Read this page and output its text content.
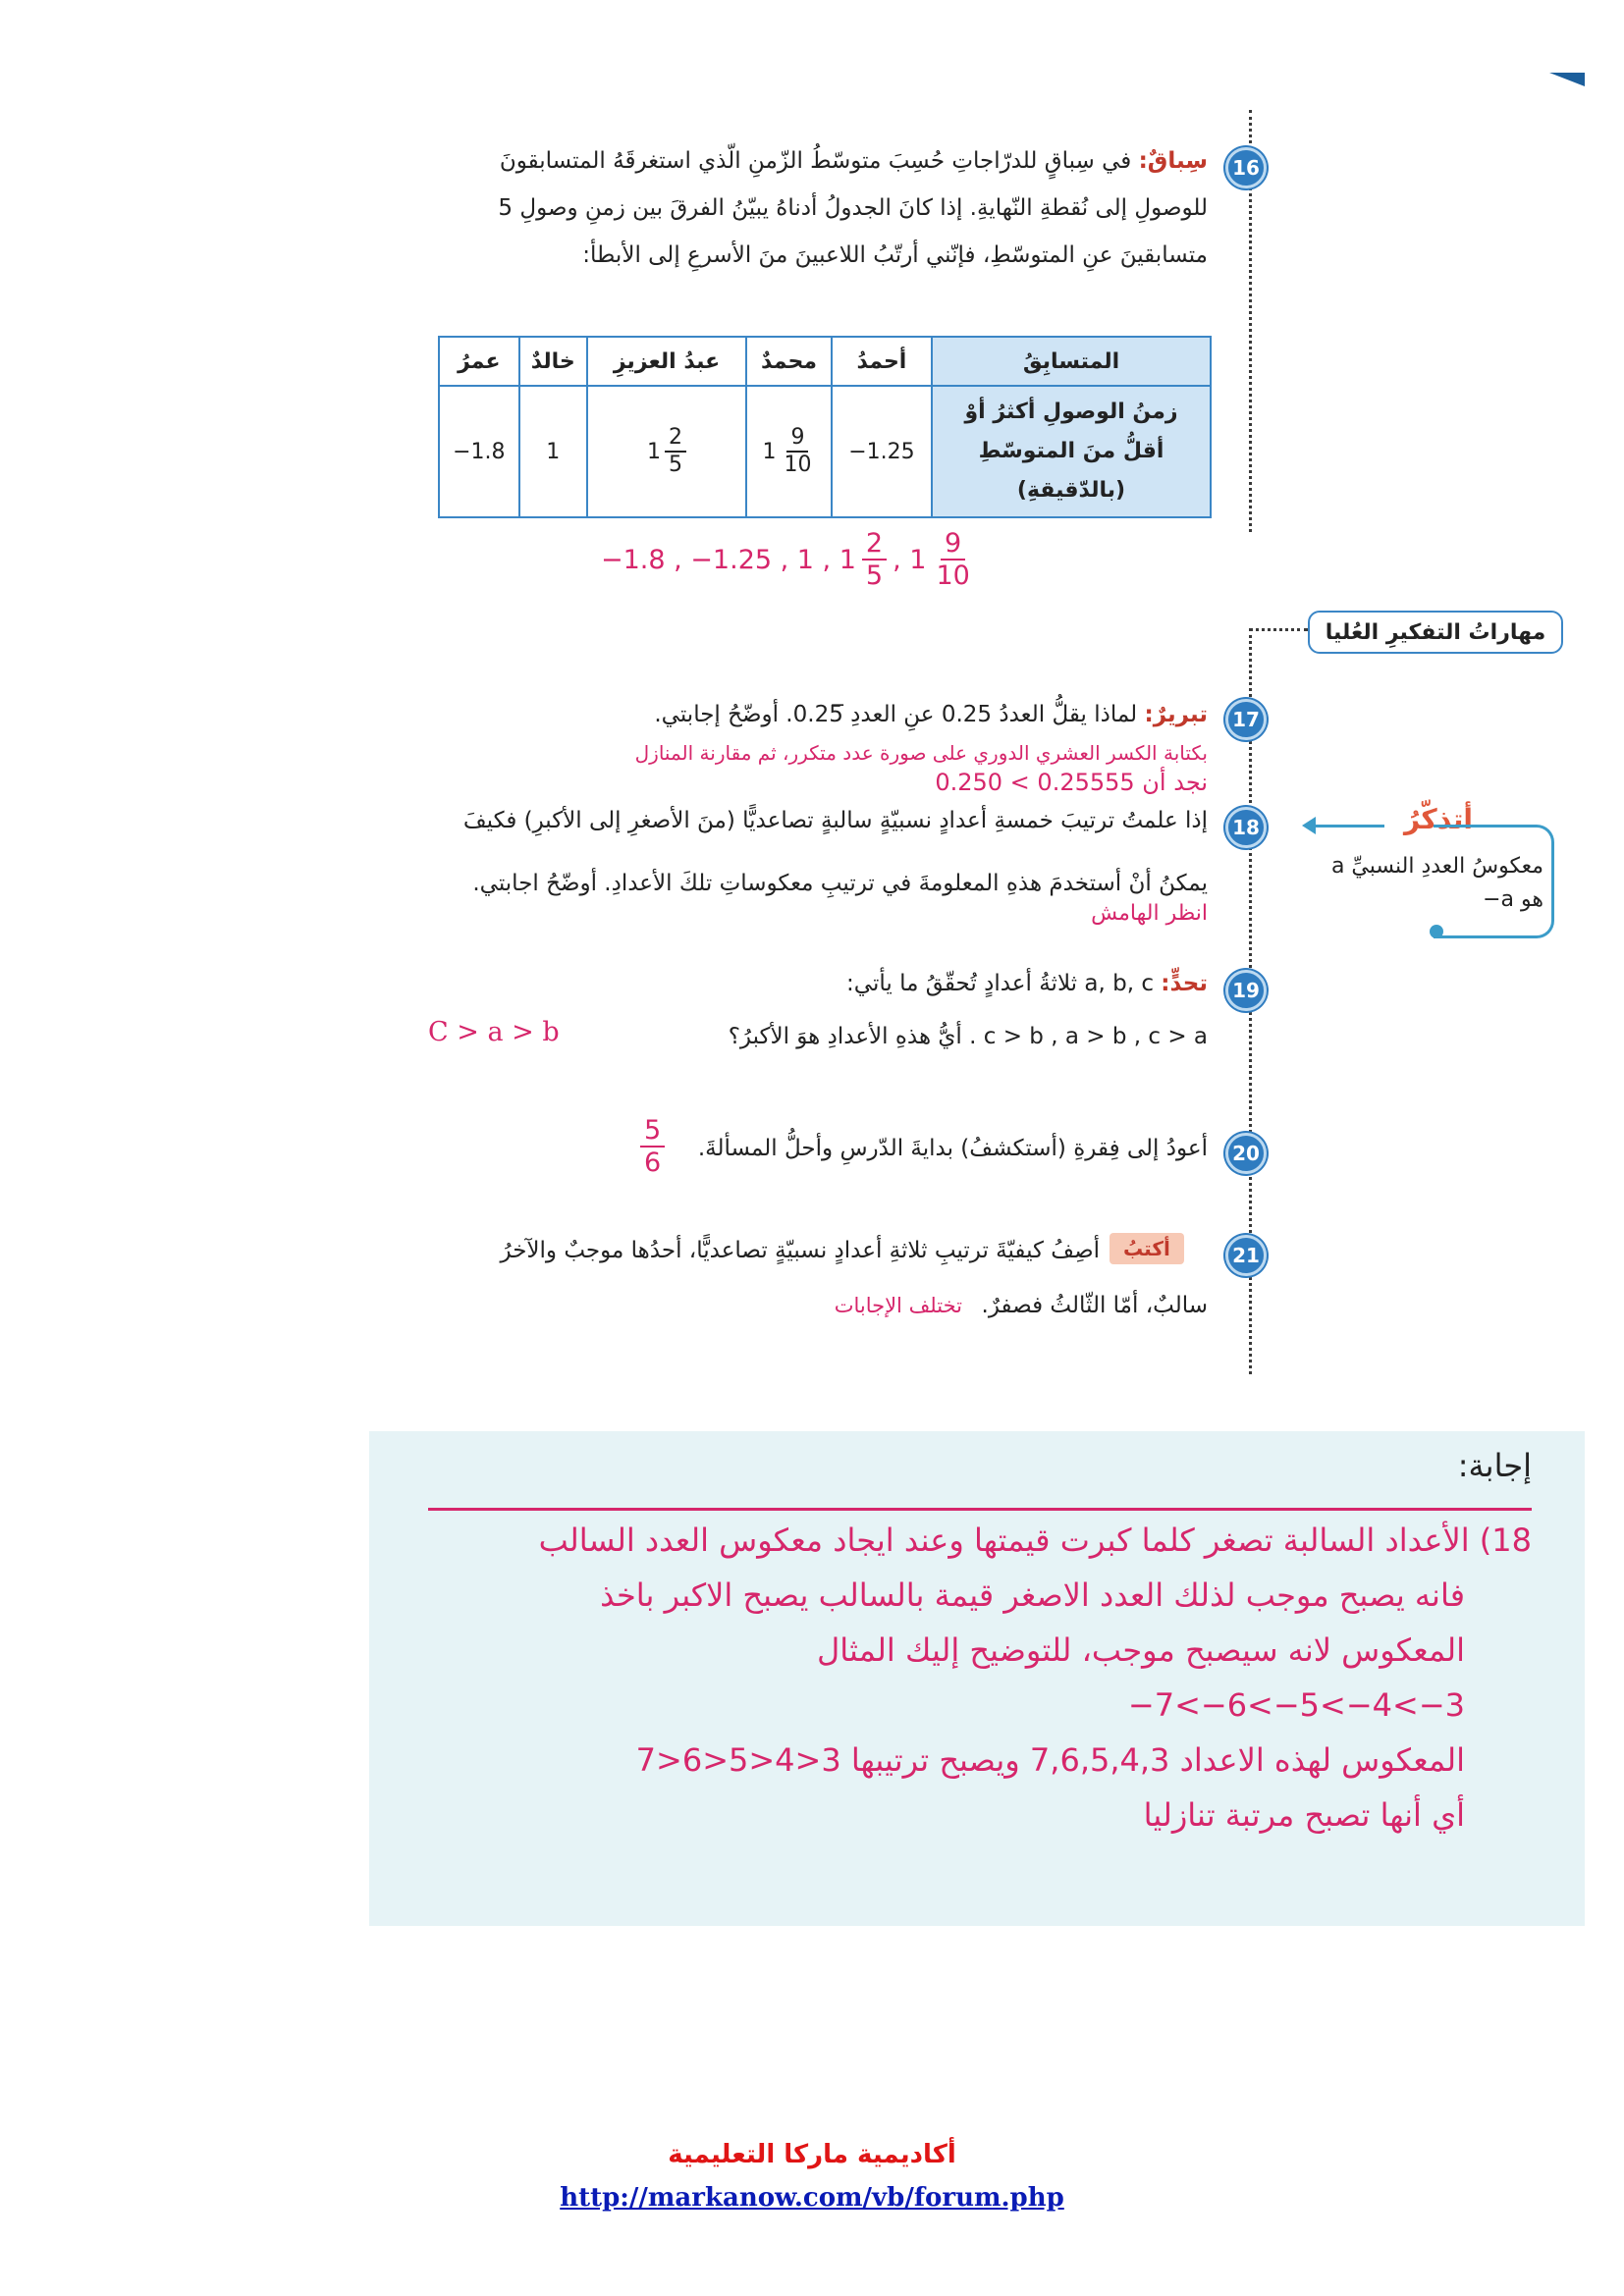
16
سِباقٌ: في سِباقٍ للدرّاجاتِ حُسِبَ متوسّطُ الزّمنِ الّذي استغرقَهُ المتسابقونَ
للوصولِ إلى نُقطةِ النّهايةِ. إذا كانَ الجدولُ أدناهُ يبيّنُ الفرقَ بين زمنِ وصولِ 5
متسابقينَ عنِ المتوسّطِ، فإنّني أرتّبُ اللاعبينَ منَ الأسرعِ إلى الأبطأ:
المتسابِقُ	أحمدُ	محمدٌ	عبدُ العزيزِ	خالدٌ	عمرُ
زمنُ الوصولِ أكثرُ أوْ أقلُّ منَ المتوسّطِ (بالدّقيقةِ)	−1.25	$1 \frac{9}{10}$	$1 \frac{2}{5}$	1	−1.8
−1.8 , −1.25 , 1 , $1 \frac{2}{5}$ , $1 \frac{9}{10}$
مهاراتُ التفكيرِ العُليا
17
تبريرٌ: لماذا يقلُّ العددُ 0.25 عنِ العددِ 0.25̅. أوضّحُ إجابتي.
بكتابة الكسر العشري الدوري على صورة عدد متكرر، ثم مقارنة المنازل
نجد أن 0.25555 > 0.250
18
إذا علمتُ ترتيبَ خمسةِ أعدادٍ نسبيّةٍ سالبةٍ تصاعديًّا (منَ الأصغرِ إلى الأكبرِ) فكيفَ
يمكنُ أنْ أستخدمَ هذهِ المعلومةَ في ترتيبِ معكوساتِ تلكَ الأعدادِ. أوضّحُ اجابتي.
انظر الهامش
أتذكّرُ
معكوسُ العددِ النسبيِّ a
هو a−
19
تحدٍّ: a, b, c ثلاثةُ أعدادٍ تُحقّقُ ما يأتي:
c > b , a > b , c > a . أيُّ هذهِ الأعدادِ هوَ الأكبرُ؟
C > a > b
20
أعودُ إلى فِقرةِ (أستكشفُ) بدايةَ الدّرسِ وأحلُّ المسألةَ.
$\frac{5}{6}$
21
أكتبُ
أصِفُ كيفيّةَ ترتيبِ ثلاثةِ أعدادٍ نسبيّةٍ تصاعديًّا، أحدُها موجبٌ والآخرُ
سالبٌ، أمّا الثّالثُ فصفرٌ.
تختلف الإجابات
إجابة:
18) الأعداد السالبة تصغر كلما كبرت قيمتها وعند ايجاد معكوس العدد السالب
فانه يصبح موجب لذلك العدد الاصغر قيمة بالسالب يصبح الاكبر باخذ
المعكوس لانه سيصبح موجب، للتوضيح إليك المثال
−7<−6<−5<−4<−3
المعكوس لهذه الاعداد 7,6,5,4,3 ويصبح ترتيبها 3<4<5<6<7
أي أنها تصبح مرتبة تنازليا
أكاديمية ماركا التعليمية
http://markanow.com/vb/forum.php
